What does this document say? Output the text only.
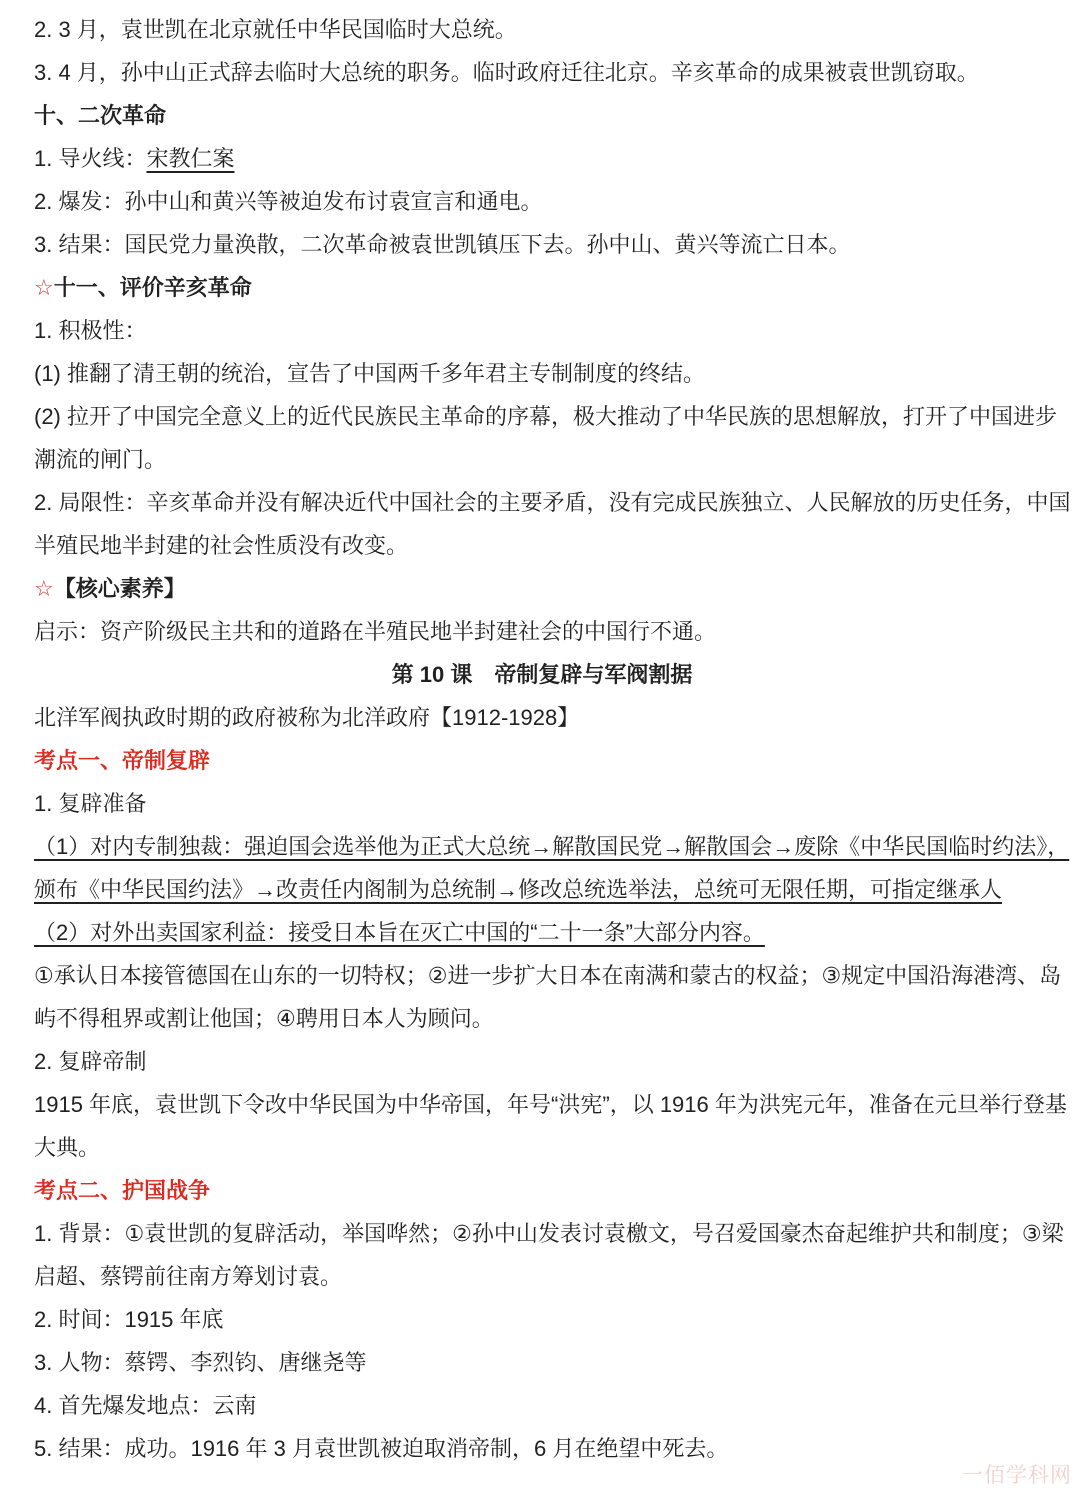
2. 3 月，袁世凯在北京就任中华民国临时大总统。

3. 4 月，孙中山正式辞去临时大总统的职务。临时政府迁往北京。辛亥革命的成果被袁世凯窃取。

十、二次革命

1. 导火线：宋教仁案

2. 爆发：孙中山和黄兴等被迫发布讨袁宣言和通电。

3. 结果：国民党力量涣散，二次革命被袁世凯镇压下去。孙中山、黄兴等流亡日本。

☆十一、评价辛亥革命

1. 积极性：

(1) 推翻了清王朝的统治，宣告了中国两千多年君主专制制度的终结。

(2) 拉开了中国完全意义上的近代民族民主革命的序幕，极大推动了中华民族的思想解放，打开了中国进步

潮流的闸门。

2. 局限性：辛亥革命并没有解决近代中国社会的主要矛盾，没有完成民族独立、人民解放的历史任务，中国

半殖民地半封建的社会性质没有改变。

☆【核心素养】

启示：资产阶级民主共和的道路在半殖民地半封建社会的中国行不通。

第 10 课　帝制复辟与军阀割据

北洋军阀执政时期的政府被称为北洋政府【1912-1928】

考点一、帝制复辟

1. 复辟准备

（1）对内专制独裁：强迫国会选举他为正式大总统→解散国民党→解散国会→废除《中华民国临时约法》，

颁布《中华民国约法》→改责任内阁制为总统制→修改总统选举法，总统可无限任期，可指定继承人

（2）对外出卖国家利益：接受日本旨在灭亡中国的“二十一条”大部分内容。

①承认日本接管德国在山东的一切特权；②进一步扩大日本在南满和蒙古的权益；③规定中国沿海港湾、岛

屿不得租界或割让他国；④聘用日本人为顾问。

2. 复辟帝制

1915 年底，袁世凯下令改中华民国为中华帝国，年号“洪宪”，以 1916 年为洪宪元年，准备在元旦举行登基

大典。

考点二、护国战争

1. 背景：①袁世凯的复辟活动，举国哗然；②孙中山发表讨袁檄文，号召爱国豪杰奋起维护共和制度；③梁

启超、蔡锷前往南方筹划讨袁。

2. 时间：1915 年底

3. 人物：蔡锷、李烈钧、唐继尧等

4. 首先爆发地点：云南

5. 结果：成功。1916 年 3 月袁世凯被迫取消帝制，6 月在绝望中死去。

一佰学科网
